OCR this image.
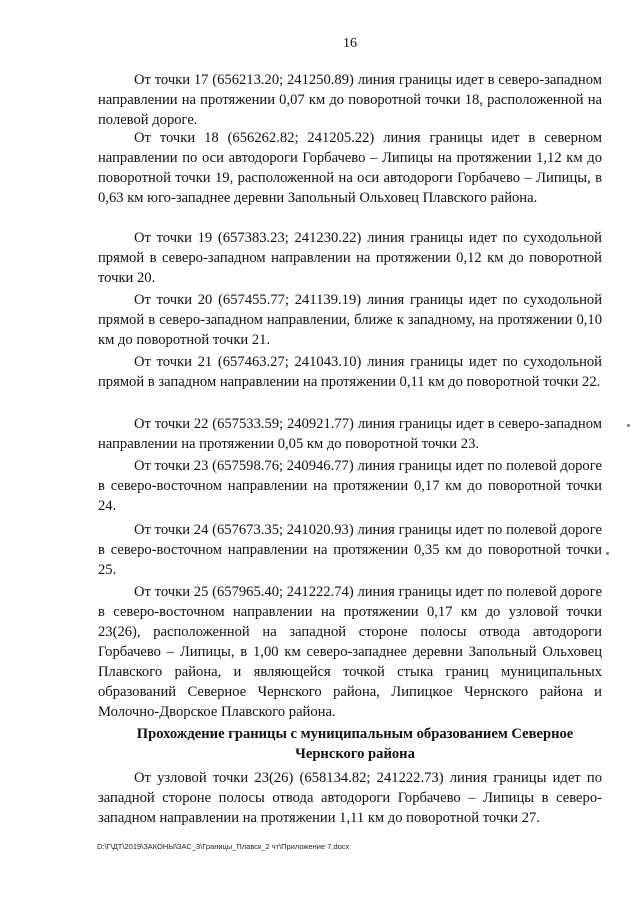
16

От точки 17 (656213.20; 241250.89) линия границы идет в северо-западном направлении на протяжении 0,07 км до поворотной точки 18, расположенной на полевой дороге.

От точки 18 (656262.82; 241205.22) линия границы идет в северном направлении по оси автодороги Горбачево – Липицы на протяжении 1,12 км до поворотной точки 19, расположенной на оси автодороги Горбачево – Липицы, в 0,63 км юго-западнее деревни Запольный Ольховец Плавского района.

От точки 19 (657383.23; 241230.22) линия границы идет по суходольной прямой в северо-западном направлении на протяжении 0,12 км до поворотной точки 20.

От точки 20 (657455.77; 241139.19) линия границы идет по суходольной прямой в северо-западном направлении, ближе к западному, на протяжении 0,10 км до поворотной точки 21.

От точки 21 (657463.27; 241043.10) линия границы идет по суходольной прямой в западном направлении на протяжении 0,11 км до поворотной точки 22.

От точки 22 (657533.59; 240921.77) линия границы идет в северо-западном направлении на протяжении 0,05 км до поворотной точки 23.

От точки 23 (657598.76; 240946.77) линия границы идет по полевой дороге в северо-восточном направлении на протяжении 0,17 км до поворотной точки 24.

От точки 24 (657673.35; 241020.93) линия границы идет по полевой дороге в северо-восточном направлении на протяжении 0,35 км до поворотной точки 25.

От точки 25 (657965.40; 241222.74) линия границы идет по полевой дороге в северо-восточном направлении на протяжении 0,17 км до узловой точки 23(26), расположенной на западной стороне полосы отвода автодороги Горбачево – Липицы, в 1,00 км северо-западнее деревни Запольный Ольховец Плавского района, и являющейся точкой стыка границ муниципальных образований Северное Чернского района, Липицкое Чернского района и Молочно-Дворское Плавского района.

Прохождение границы с муниципальным образованием Северное Чернского района

От узловой точки 23(26) (658134.82; 241222.73) линия границы идет по западной стороне полосы отвода автодороги Горбачево – Липицы в северо-западном направлении на протяжении 1,11 км до поворотной точки 27.

D:\Г\ДТ\2019\ЗАКОНЫ\ЗАС_3\Границы_Плавск_2 чт\Приложение 7.docx
